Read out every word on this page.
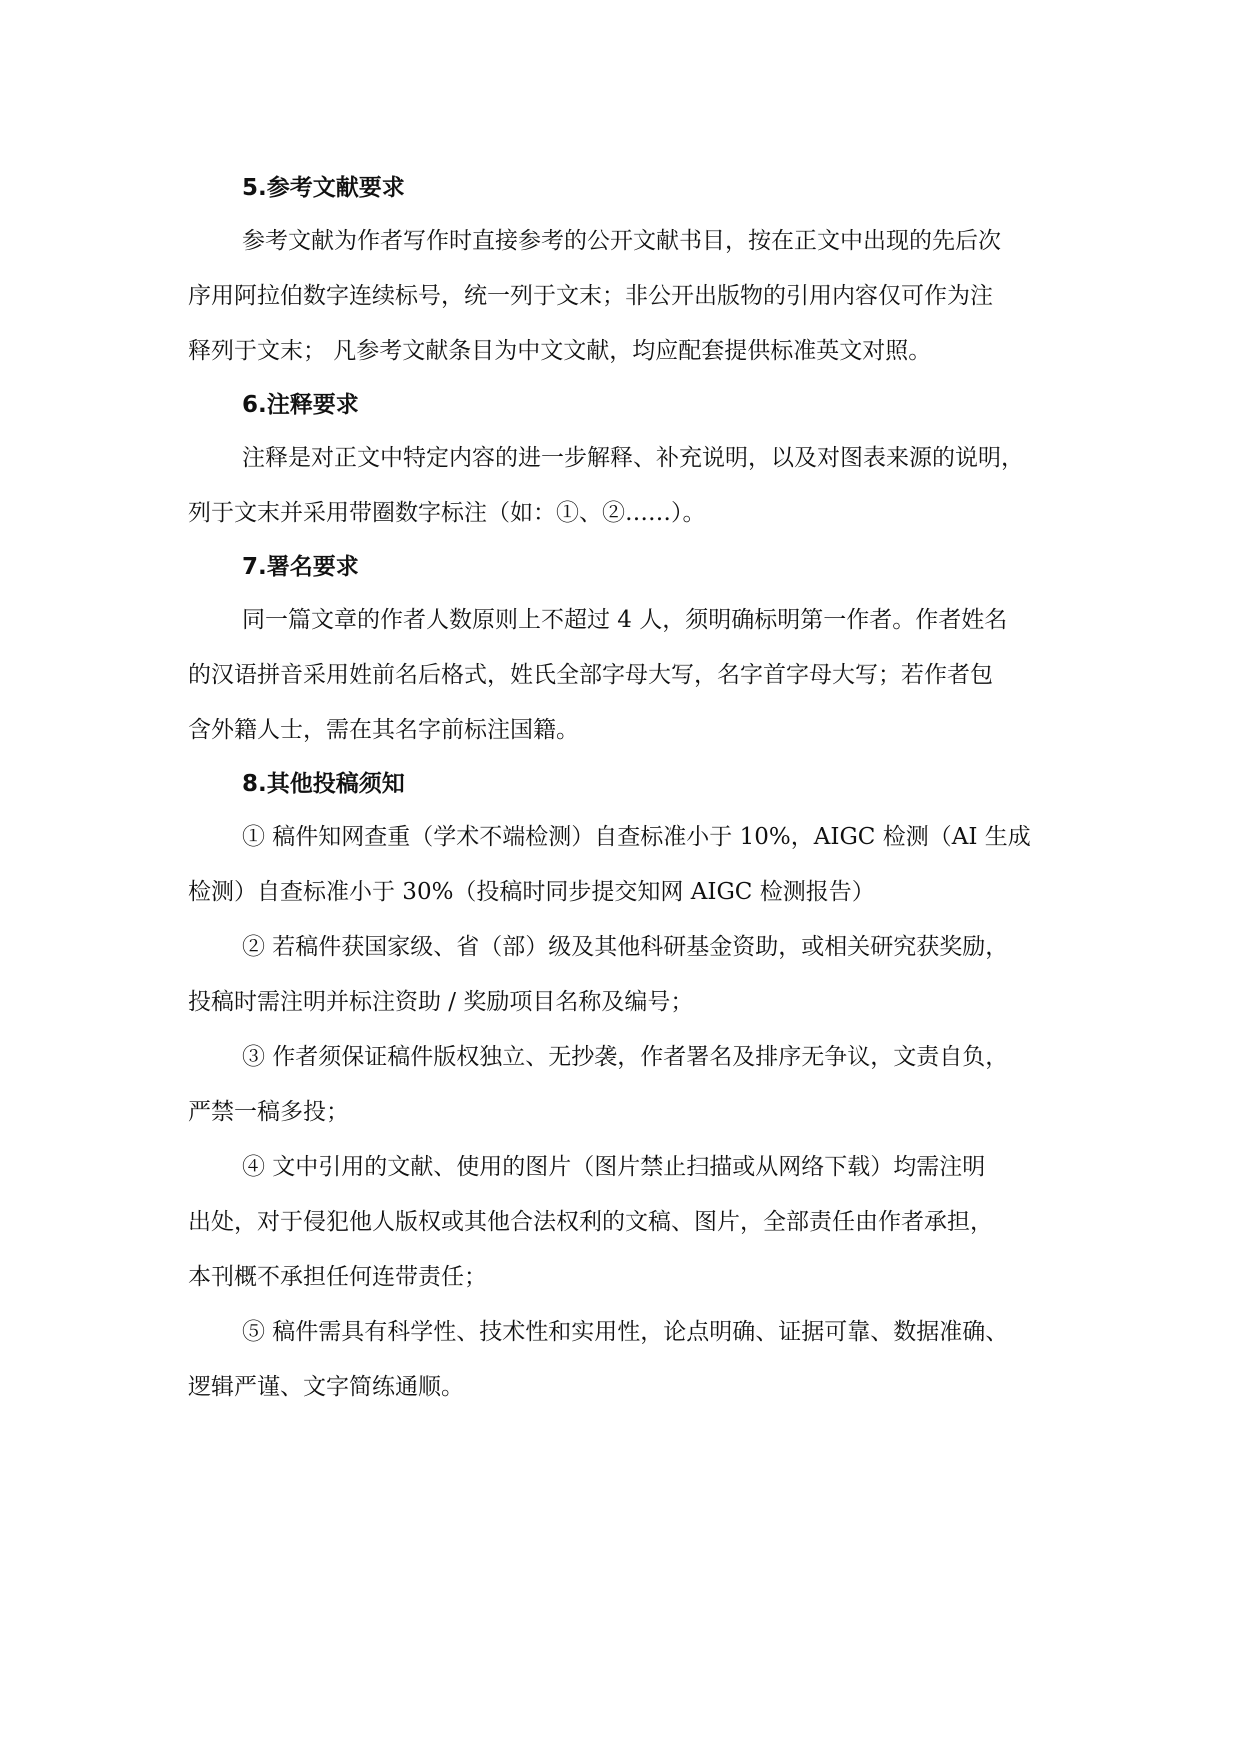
5.参考文献要求

参考文献为作者写作时直接参考的公开文献书目，按在正文中出现的先后次
序用阿拉伯数字连续标号，统一列于文末；非公开出版物的引用内容仅可作为注
释列于文末； 凡参考文献条目为中文文献，均应配套提供标准英文对照。

6.注释要求

注释是对正文中特定内容的进一步解释、补充说明，以及对图表来源的说明，
列于文末并采用带圈数字标注（如：①、②……）。

7.署名要求

同一篇文章的作者人数原则上不超过 4 人，须明确标明第一作者。作者姓名
的汉语拼音采用姓前名后格式，姓氏全部字母大写，名字首字母大写；若作者包
含外籍人士，需在其名字前标注国籍。

8.其他投稿须知

① 稿件知网查重（学术不端检测）自查标准小于 10%，AIGC 检测（AI 生成
检测）自查标准小于 30%（投稿时同步提交知网 AIGC 检测报告）

② 若稿件获国家级、省（部）级及其他科研基金资助，或相关研究获奖励，
投稿时需注明并标注资助 / 奖励项目名称及编号；

③ 作者须保证稿件版权独立、无抄袭，作者署名及排序无争议，文责自负，
严禁一稿多投；

④ 文中引用的文献、使用的图片（图片禁止扫描或从网络下载）均需注明
出处，对于侵犯他人版权或其他合法权利的文稿、图片，全部责任由作者承担，
本刊概不承担任何连带责任；

⑤ 稿件需具有科学性、技术性和实用性，论点明确、证据可靠、数据准确、
逻辑严谨、文字简练通顺。
